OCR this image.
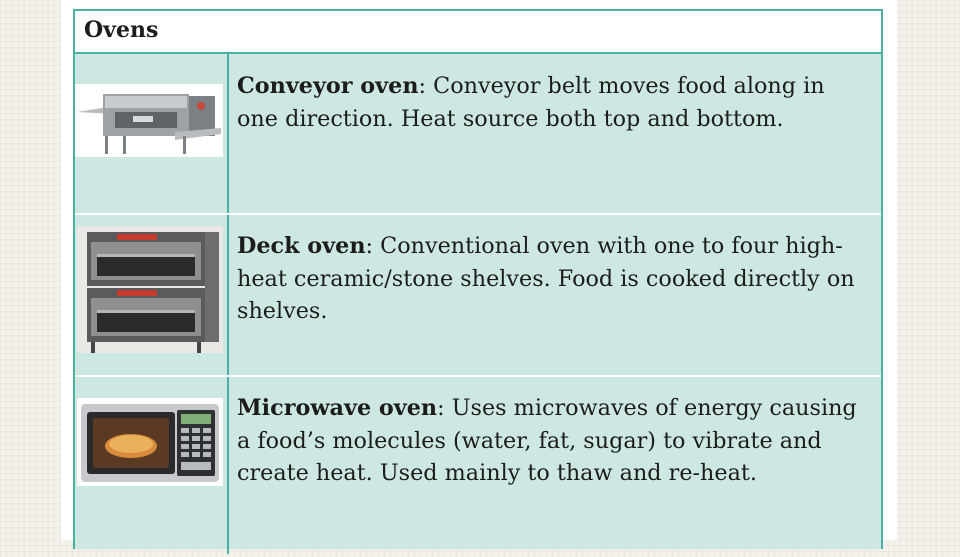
Ovens
Conveyor oven: Conveyor belt moves food along in one direction. Heat source both top and bottom.
Deck oven: Conventional oven with one to four high-heat ceramic/stone shelves. Food is cooked directly on shelves.
Microwave oven: Uses microwaves of energy causing a food’s molecules (water, fat, sugar) to vibrate and create heat. Used mainly to thaw and re-heat.
